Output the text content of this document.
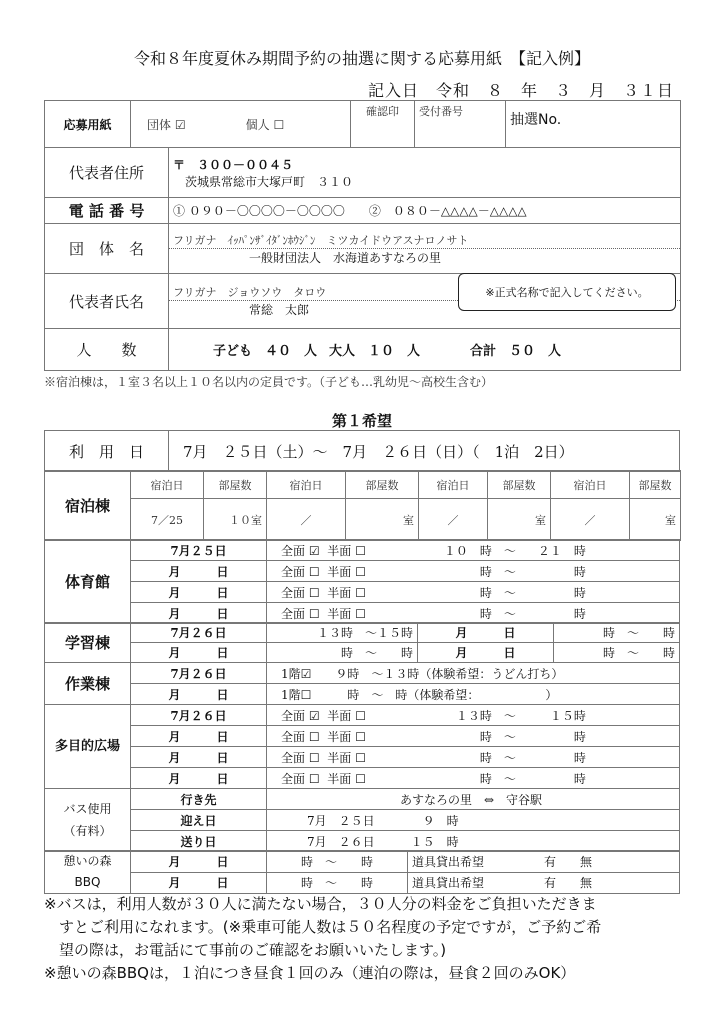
令和８年度夏休み期間予約の抽選に関する応募用紙　【記入例】
記入日　令和　８　年　３　月　３１日
応募用紙	団体 ☑ 個人 ☐		確認印	受付番号	抽選No.
代表者住所		〒　３００－００４５
茨城県常総市大塚戸町　３１０			

電 話 番 号		① ０９０－〇〇〇〇－〇〇〇〇　　②　０８０－△△△△－△△△△			
団　体　名		フリガナ　ｲｯﾊﾟﾝｻﾞｲﾀﾞﾝﾎｳｼﾞﾝ　ミツカイドウアスナロノサト
一般財団法人　水海道あすなろの里			

代表者氏名		フリガナ　ジョウソウ　タロウ
常総　太郎			

人　　数		子ども　４０　人 大人　１０　人 合計　５０　人			
※正式名称で記入してください。
※宿泊棟は，１室３名以上１０名以内の定員です。（子ども…乳幼児～高校生含む）
第１希望
利　用　日	7月　２５日（土）～　7月　２６日（日）（　1泊　2日）
宿泊棟	宿泊日	部屋数	宿泊日	部屋数	宿泊日	部屋数	宿泊日	部屋数
	7／25	１０室	／	室	／	室	／	室
体育館	7月２５日	全面 ☑ 半面 ☐ １０　時　～ ２１　時
	月　　　日	全面 ☐ 半面 ☐ 時　～ 時
	月　　　日	全面 ☐ 半面 ☐ 時　～ 時
	月　　　日	全面 ☐ 半面 ☐ 時　～ 時
学習棟	7月２６日	１３時　～１５時	月　　　日	時　～　　時
	月　　　日	時　～　　時	月　　　日	時　～　　時
作業棟	7月２６日	1階☑　　９時　～１３時（体験希望：うどん打ち）
	月　　　日	1階☐　　　時　～　時（体験希望：　　　　　　）
多目的広場	7月２６日	全面 ☑ 半面 ☐ １３時　～ １５時
	月　　　日	全面 ☐ 半面 ☐ 時　～ 時
	月　　　日	全面 ☐ 半面 ☐ 時　～ 時
	月　　　日	全面 ☐ 半面 ☐ 時　～ 時
バス使用
（有料）	行き先	あすなろの里　⇔　守谷駅
	迎え日	7月　２５日　　　　９　時
	送り日	7月　２６日　　　１５　時
憩いの森
BBQ	月　　　日	時　～　　時	道具貸出希望 有　　無
	月　　　日	時　～　　時	道具貸出希望 有　　無
※バスは，利用人数が３０人に満たない場合，３０人分の料金をご負担いただきま
　すとご利用になれます。(※乗車可能人数は５０名程度の予定ですが，ご予約ご希
　望の際は，お電話にて事前のご確認をお願いいたします。)
※憩いの森BBQは，１泊につき昼食１回のみ（連泊の際は，昼食２回のみOK）
